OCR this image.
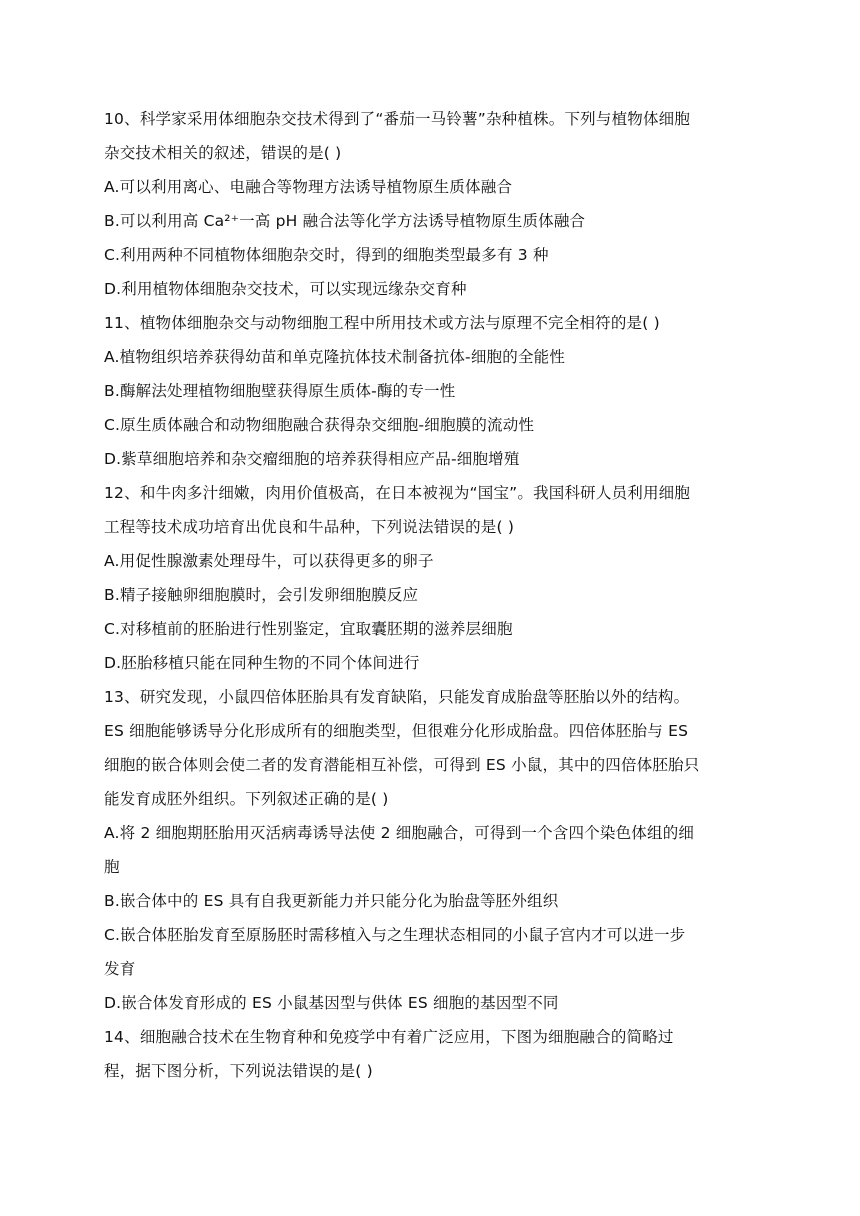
10、科学家采用体细胞杂交技术得到了“番茄一马铃薯”杂种植株。下列与植物体细胞
杂交技术相关的叙述，错误的是( )
A.可以利用离心、电融合等物理方法诱导植物原生质体融合
B.可以利用高 Ca²⁺一高 pH 融合法等化学方法诱导植物原生质体融合
C.利用两种不同植物体细胞杂交时，得到的细胞类型最多有 3 种
D.利用植物体细胞杂交技术，可以实现远缘杂交育种
11、植物体细胞杂交与动物细胞工程中所用技术或方法与原理不完全相符的是( )
A.植物组织培养获得幼苗和单克隆抗体技术制备抗体-细胞的全能性
B.酶解法处理植物细胞壁获得原生质体-酶的专一性
C.原生质体融合和动物细胞融合获得杂交细胞-细胞膜的流动性
D.紫草细胞培养和杂交瘤细胞的培养获得相应产品-细胞增殖
12、和牛肉多汁细嫩，肉用价值极高，在日本被视为“国宝”。我国科研人员利用细胞
工程等技术成功培育出优良和牛品种，下列说法错误的是( )
A.用促性腺激素处理母牛，可以获得更多的卵子
B.精子接触卵细胞膜时，会引发卵细胞膜反应
C.对移植前的胚胎进行性别鉴定，宜取囊胚期的滋养层细胞
D.胚胎移植只能在同种生物的不同个体间进行
13、研究发现，小鼠四倍体胚胎具有发育缺陷，只能发育成胎盘等胚胎以外的结构。
ES 细胞能够诱导分化形成所有的细胞类型，但很难分化形成胎盘。四倍体胚胎与 ES
细胞的嵌合体则会使二者的发育潜能相互补偿，可得到 ES 小鼠，其中的四倍体胚胎只
能发育成胚外组织。下列叙述正确的是( )
A.将 2 细胞期胚胎用灭活病毒诱导法使 2 细胞融合，可得到一个含四个染色体组的细
胞
B.嵌合体中的 ES 具有自我更新能力并只能分化为胎盘等胚外组织
C.嵌合体胚胎发育至原肠胚时需移植入与之生理状态相同的小鼠子宫内才可以进一步
发育
D.嵌合体发育形成的 ES 小鼠基因型与供体 ES 细胞的基因型不同
14、细胞融合技术在生物育种和免疫学中有着广泛应用，下图为细胞融合的简略过
程，据下图分析，下列说法错误的是( )
